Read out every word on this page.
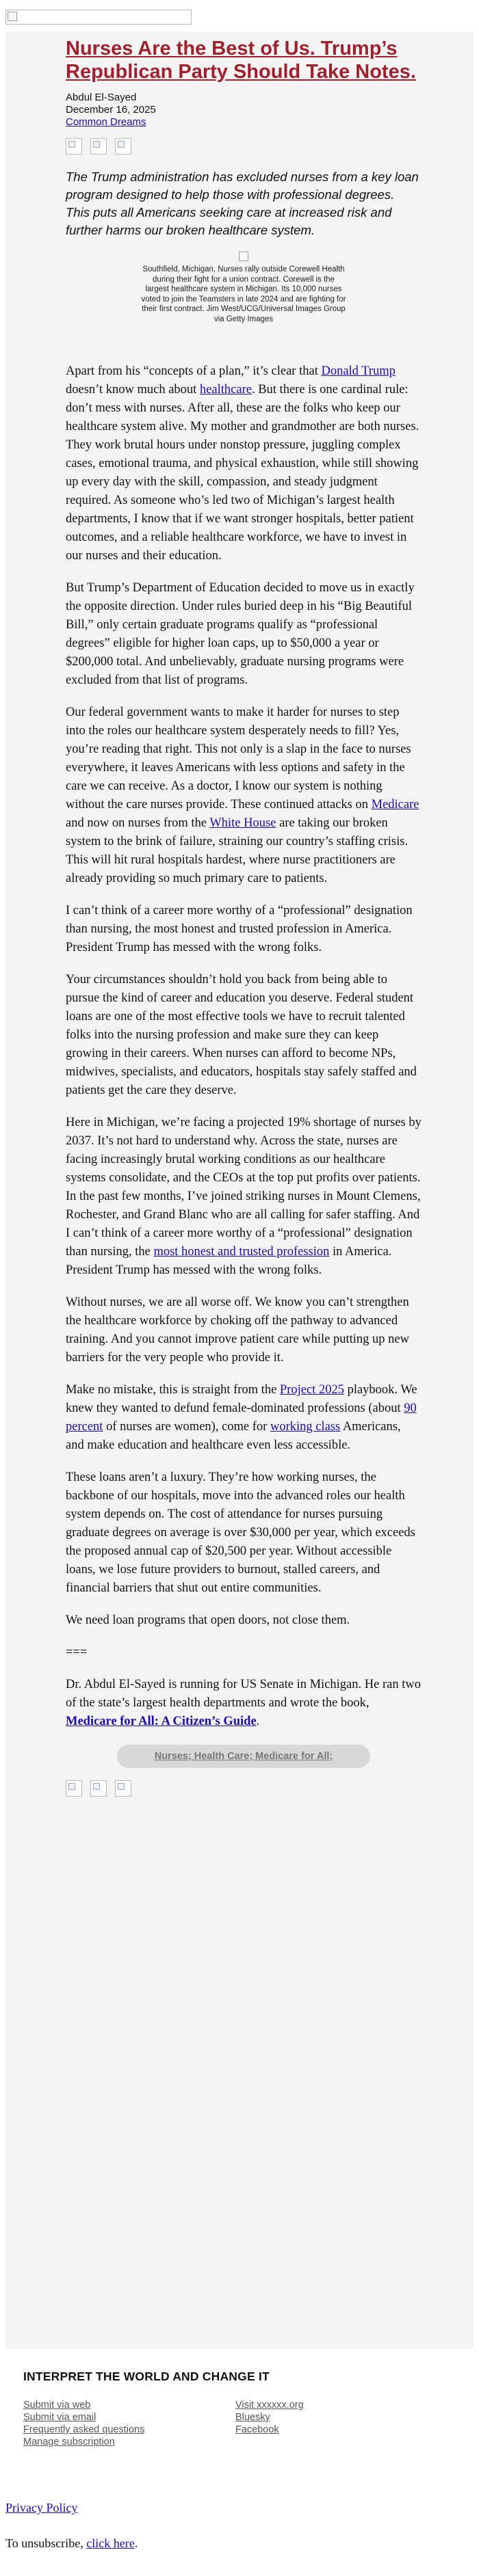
Nurses Are the Best of Us. Trump’s Republican Party Should Take Notes.
Abdul El-Sayed
December 16, 2025
Common Dreams
The Trump administration has excluded nurses from a key loan program designed to help those with professional degrees. This puts all Americans seeking care at increased risk and further harms our broken healthcare system.
Southfield, Michigan, Nurses rally outside Corewell Health during their fight for a union contract. Corewell is the largest healthcare system in Michigan. Its 10,000 nurses voted to join the Teamsters in late 2024 and are fighting for their first contract. Jim West/UCG/Universal Images Group via Getty Images

Apart from his “concepts of a plan,” it’s clear that Donald Trump doesn’t know much about healthcare. But there is one cardinal rule: don’t mess with nurses. After all, these are the folks who keep our healthcare system alive. My mother and grandmother are both nurses. They work brutal hours under nonstop pressure, juggling complex cases, emotional trauma, and physical exhaustion, while still showing up every day with the skill, compassion, and steady judgment required. As someone who’s led two of Michigan’s largest health departments, I know that if we want stronger hospitals, better patient outcomes, and a reliable healthcare workforce, we have to invest in our nurses and their education.

But Trump’s Department of Education decided to move us in exactly the opposite direction. Under rules buried deep in his “Big Beautiful Bill,” only certain graduate programs qualify as “professional degrees” eligible for higher loan caps, up to $50,000 a year or $200,000 total. And unbelievably, graduate nursing programs were excluded from that list of programs.

Our federal government wants to make it harder for nurses to step into the roles our healthcare system desperately needs to fill? Yes, you’re reading that right. This not only is a slap in the face to nurses everywhere, it leaves Americans with less options and safety in the care we can receive. As a doctor, I know our system is nothing without the care nurses provide. These continued attacks on Medicare and now on nurses from the White House are taking our broken system to the brink of failure, straining our country’s staffing crisis. This will hit rural hospitals hardest, where nurse practitioners are already providing so much primary care to patients.

I can’t think of a career more worthy of a “professional” designation than nursing, the most honest and trusted profession in America. President Trump has messed with the wrong folks.

Your circumstances shouldn’t hold you back from being able to pursue the kind of career and education you deserve. Federal student loans are one of the most effective tools we have to recruit talented folks into the nursing profession and make sure they can keep growing in their careers. When nurses can afford to become NPs, midwives, specialists, and educators, hospitals stay safely staffed and patients get the care they deserve.

Here in Michigan, we’re facing a projected 19% shortage of nurses by 2037. It’s not hard to understand why. Across the state, nurses are facing increasingly brutal working conditions as our healthcare systems consolidate, and the CEOs at the top put profits over patients. In the past few months, I’ve joined striking nurses in Mount Clemens, Rochester, and Grand Blanc who are all calling for safer staffing. And I can’t think of a career more worthy of a “professional” designation than nursing, the most honest and trusted profession in America. President Trump has messed with the wrong folks.

Without nurses, we are all worse off. We know you can’t strengthen the healthcare workforce by choking off the pathway to advanced training. And you cannot improve patient care while putting up new barriers for the very people who provide it.

Make no mistake, this is straight from the Project 2025 playbook. We knew they wanted to defund female-dominated professions (about 90 percent of nurses are women), come for working class Americans, and make education and healthcare even less accessible.

These loans aren’t a luxury. They’re how working nurses, the backbone of our hospitals, move into the advanced roles our health system depends on. The cost of attendance for nurses pursuing graduate degrees on average is over $30,000 per year, which exceeds the proposed annual cap of $20,500 per year. Without accessible loans, we lose future providers to burnout, stalled careers, and financial barriers that shut out entire communities.

We need loan programs that open doors, not close them.

===

Dr. Abdul El-Sayed is running for US Senate in Michigan. He ran two of the state’s largest health departments and wrote the book, Medicare for All: A Citizen’s Guide.

Nurses; Health Care; Medicare for All;
INTERPRET THE WORLD AND CHANGE IT
Submit via web
Submit via email
Frequently asked questions
Manage subscription
Visit xxxxxx.org
Bluesky
Facebook
Privacy Policy
To unsubscribe, click here.
